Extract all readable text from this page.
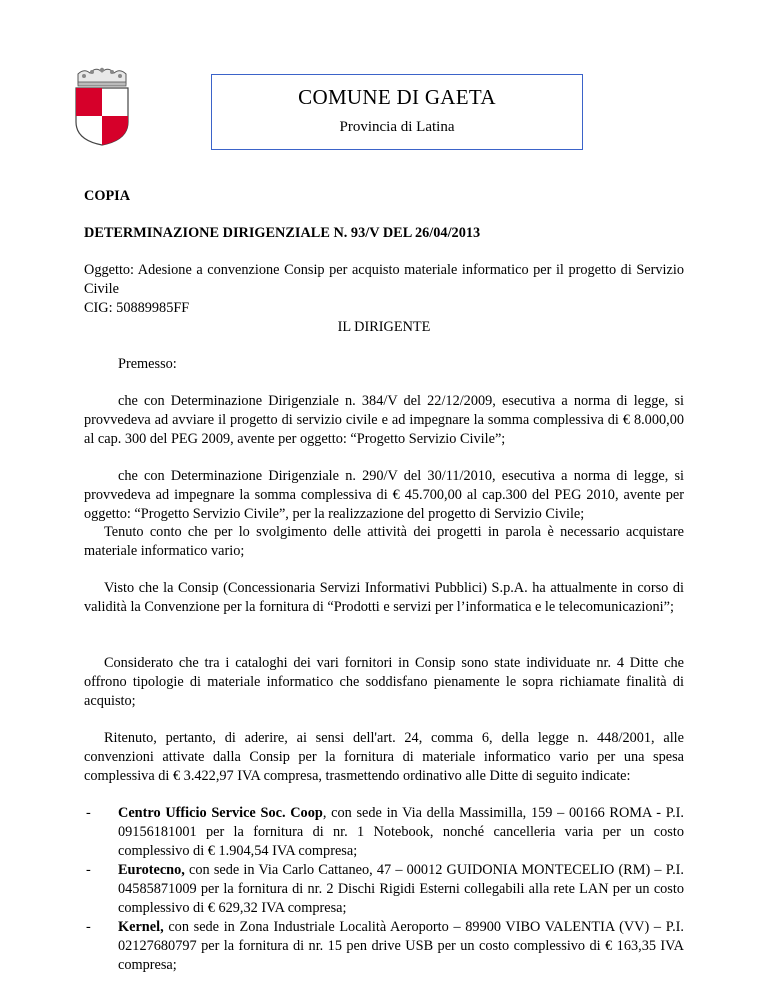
COMUNE DI GAETA
Provincia di Latina
COPIA
DETERMINAZIONE DIRIGENZIALE N. 93/V DEL 26/04/2013

Oggetto: Adesione a convenzione Consip per acquisto materiale informatico per il progetto di Servizio Civile

CIG: 50889985FF

IL DIRIGENTE
Premesso:
che con Determinazione Dirigenziale n. 384/V del 22/12/2009, esecutiva a norma di legge, si provvedeva ad avviare il progetto di servizio civile e ad impegnare la somma complessiva di € 8.000,00 al cap. 300 del PEG 2009, avente per oggetto: “Progetto Servizio Civile”;
che con Determinazione Dirigenziale n. 290/V del 30/11/2010, esecutiva a norma di legge, si provvedeva ad impegnare la somma complessiva di € 45.700,00 al cap.300 del PEG 2010, avente per oggetto: “Progetto Servizio Civile”, per la realizzazione del progetto di Servizio Civile;
Tenuto conto che per lo svolgimento delle attività dei progetti in parola è necessario acquistare materiale informatico vario;
Visto che la Consip (Concessionaria Servizi Informativi Pubblici) S.p.A. ha attualmente in corso di validità la Convenzione per la fornitura di “Prodotti e servizi per l’informatica e le telecomunicazioni”;
Considerato che tra i cataloghi dei vari fornitori in Consip sono state individuate nr. 4 Ditte che offrono tipologie di materiale informatico che soddisfano pienamente le sopra richiamate finalità di acquisto;
Ritenuto, pertanto, di aderire, ai sensi dell'art. 24, comma 6, della legge n. 448/2001, alle convenzioni attivate dalla Consip per la fornitura di materiale informatico vario per una spesa complessiva di € 3.422,97 IVA compresa, trasmettendo ordinativo alle Ditte di seguito indicate:
- Centro Ufficio Service Soc. Coop, con sede in Via della Massimilla, 159 – 00166 ROMA - P.I. 09156181001 per la fornitura di nr. 1 Notebook, nonché cancelleria varia per un costo complessivo di € 1.904,54 IVA compresa;
- Eurotecno, con sede in Via Carlo Cattaneo, 47 – 00012 GUIDONIA MONTECELIO (RM) – P.I. 04585871009 per la fornitura di nr. 2 Dischi Rigidi Esterni collegabili alla rete LAN per un costo complessivo di € 629,32 IVA compresa;
- Kernel, con sede in Zona Industriale Località Aeroporto – 89900 VIBO VALENTIA (VV) – P.I. 02127680797 per la fornitura di nr. 15 pen drive USB per un costo complessivo di € 163,35 IVA compresa;
